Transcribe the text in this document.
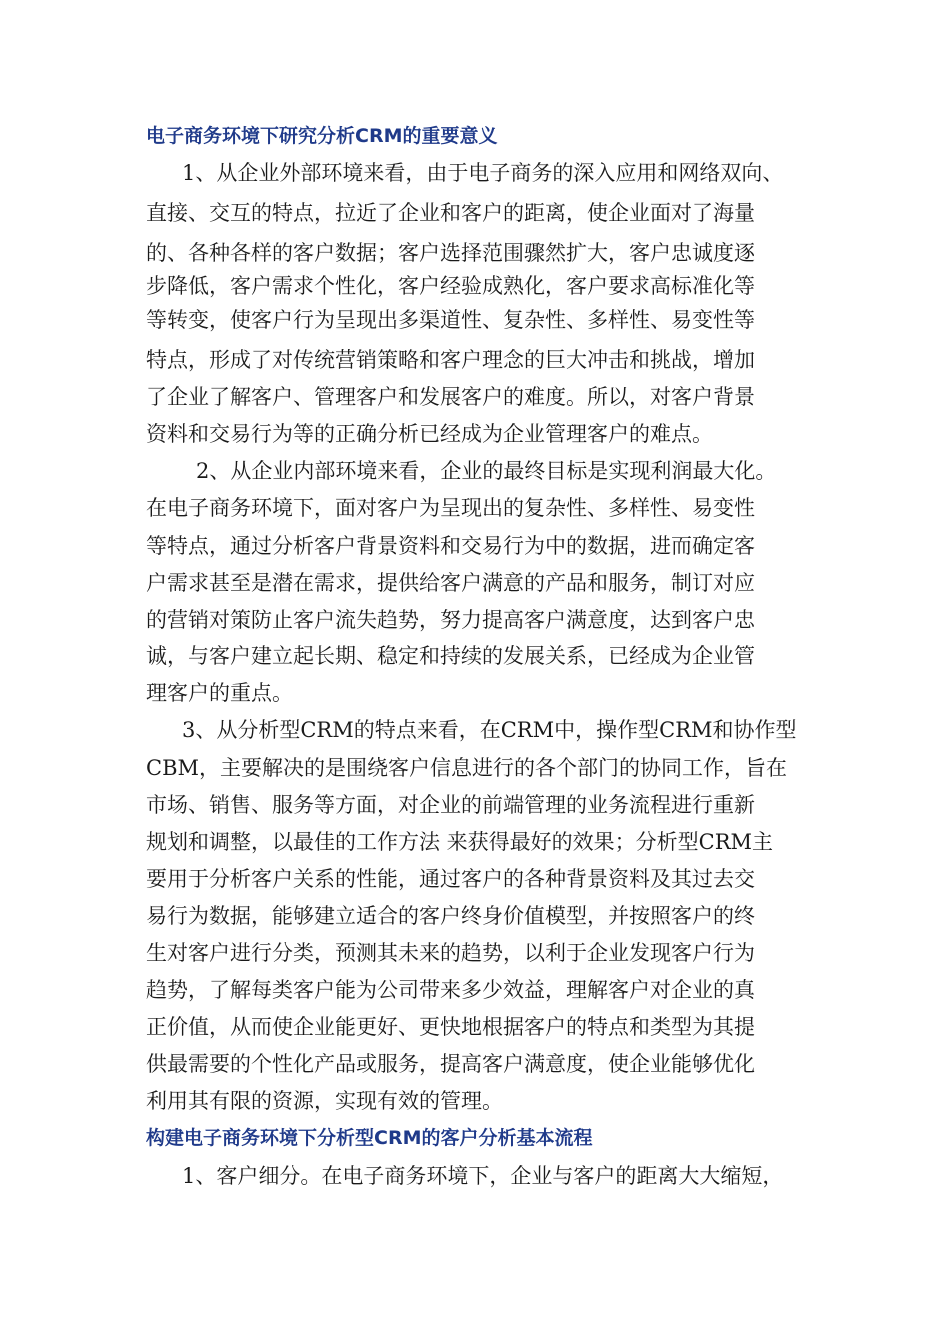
电子商务环境下研究分析CRM的重要意义
1、从企业外部环境来看，由于电子商务的深入应用和网络双向、
直接、交互的特点，拉近了企业和客户的距离，使企业面对了海量
的、各种各样的客户数据；客户选择范围骤然扩大，客户忠诚度逐
步降低，客户需求个性化，客户经验成熟化，客户要求高标准化等
等转变，使客户行为呈现出多渠道性、复杂性、多样性、易变性等
特点，形成了对传统营销策略和客户理念的巨大冲击和挑战，增加
了企业了解客户、管理客户和发展客户的难度。所以，对客户背景
资料和交易行为等的正确分析已经成为企业管理客户的难点。
2、从企业内部环境来看，企业的最终目标是实现利润最大化。
在电子商务环境下，面对客户为呈现出的复杂性、多样性、易变性
等特点，通过分析客户背景资料和交易行为中的数据，进而确定客
户需求甚至是潜在需求，提供给客户满意的产品和服务，制订对应
的营销对策防止客户流失趋势，努力提高客户满意度，达到客户忠
诚，与客户建立起长期、稳定和持续的发展关系，已经成为企业管
理客户的重点。
3、从分析型CRM的特点来看，在CRM中，操作型CRM和协作型
CBM，主要解决的是围绕客户信息进行的各个部门的协同工作，旨在
市场、销售、服务等方面，对企业的前端管理的业务流程进行重新
规划和调整，以最佳的工作方法 来获得最好的效果；分析型CRM主
要用于分析客户关系的性能，通过客户的各种背景资料及其过去交
易行为数据，能够建立适合的客户终身价值模型，并按照客户的终
生对客户进行分类，预测其未来的趋势，以利于企业发现客户行为
趋势，了解每类客户能为公司带来多少效益，理解客户对企业的真
正价值，从而使企业能更好、更快地根据客户的特点和类型为其提
供最需要的个性化产品或服务，提高客户满意度，使企业能够优化
利用其有限的资源，实现有效的管理。
构建电子商务环境下分析型CRM的客户分析基本流程
1、客户细分。在电子商务环境下，企业与客户的距离大大缩短，
